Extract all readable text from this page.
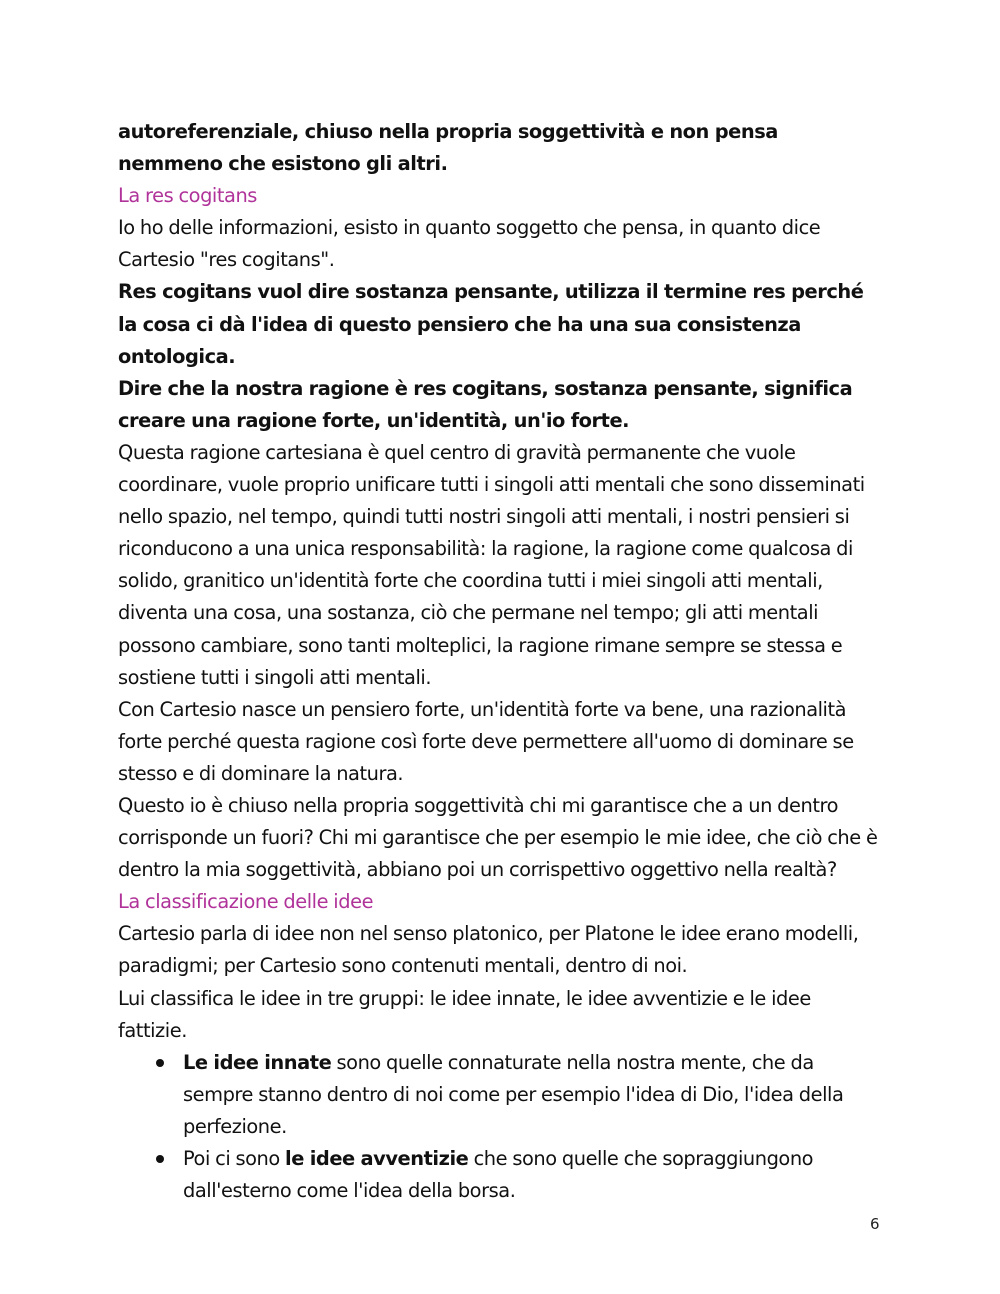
autoreferenziale, chiuso nella propria soggettività e non pensa nemmeno che esistono gli altri.

La res cogitans

Io ho delle informazioni, esisto in quanto soggetto che pensa, in quanto dice Cartesio "res cogitans".

Res cogitans vuol dire sostanza pensante, utilizza il termine res perché la cosa ci dà l'idea di questo pensiero che ha una sua consistenza ontologica.

Dire che la nostra ragione è res cogitans, sostanza pensante, significa creare una ragione forte, un'identità, un'io forte.

Questa ragione cartesiana è quel centro di gravità permanente che vuole coordinare, vuole proprio unificare tutti i singoli atti mentali che sono disseminati nello spazio, nel tempo, quindi tutti nostri singoli atti mentali, i nostri pensieri si riconducono a una unica responsabilità: la ragione, la ragione come qualcosa di solido, granitico un'identità forte che coordina tutti i miei singoli atti mentali, diventa una cosa, una sostanza, ciò che permane nel tempo; gli atti mentali possono cambiare, sono tanti molteplici, la ragione rimane sempre se stessa e sostiene tutti i singoli atti mentali.

Con Cartesio nasce un pensiero forte, un'identità forte va bene, una razionalità forte perché questa ragione così forte deve permettere all'uomo di dominare se stesso e di dominare la natura.

Questo io è chiuso nella propria soggettività chi mi garantisce che a un dentro corrisponde un fuori? Chi mi garantisce che per esempio le mie idee, che ciò che è dentro la mia soggettività, abbiano poi un corrispettivo oggettivo nella realtà?

La classificazione delle idee

Cartesio parla di idee non nel senso platonico, per Platone le idee erano modelli, paradigmi; per Cartesio sono contenuti mentali, dentro di noi.

Lui classifica le idee in tre gruppi: le idee innate, le idee avventizie e le idee fattizie.

Le idee innate sono quelle connaturate nella nostra mente, che da sempre stanno dentro di noi come per esempio l'idea di Dio, l'idea della perfezione.
Poi ci sono le idee avventizie che sono quelle che sopraggiungono dall'esterno come l'idea della borsa.
6
